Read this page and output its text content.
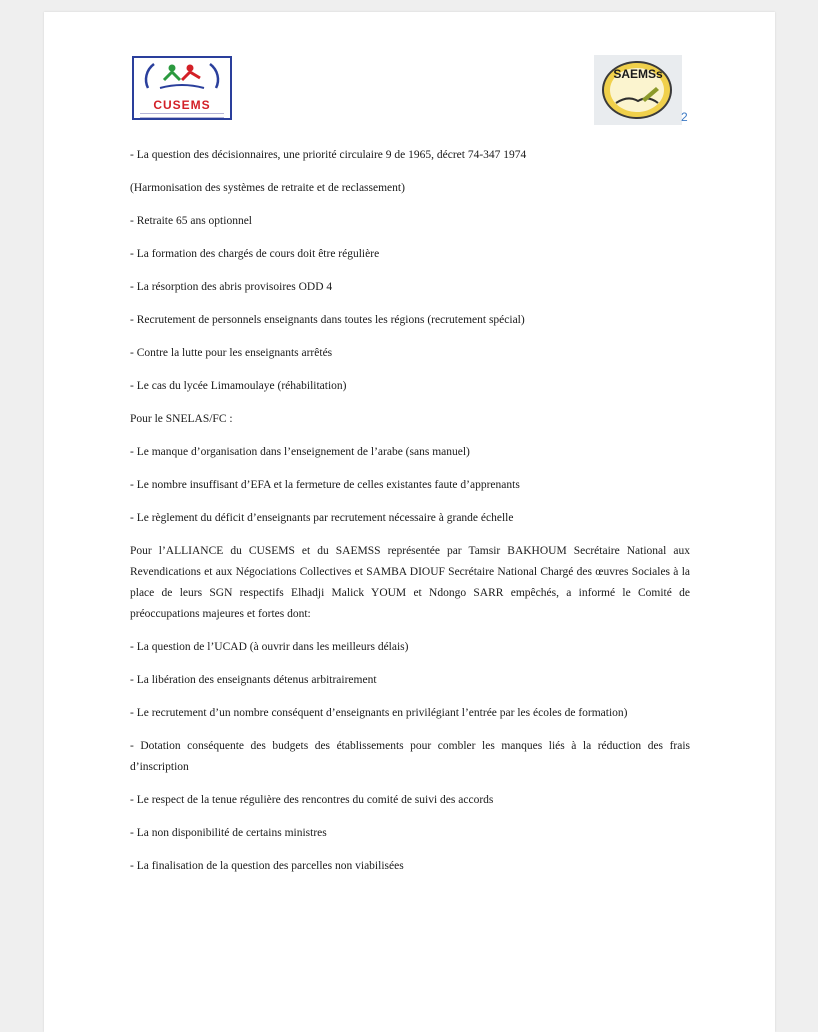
CUSEMS
SAEMSs
2

- La question des décisionnaires, une priorité circulaire 9 de 1965, décret 74-347 1974

(Harmonisation des systèmes de retraite et de reclassement)

- Retraite 65 ans optionnel

- La formation des chargés de cours doit être régulière

- La résorption des abris provisoires ODD 4

- Recrutement de personnels enseignants dans toutes les régions (recrutement spécial)

- Contre la lutte pour les enseignants arrêtés

- Le cas du lycée Limamoulaye (réhabilitation)

Pour le SNELAS/FC :

- Le manque d’organisation dans l’enseignement de l’arabe (sans manuel)

- Le nombre insuffisant d’EFA et la fermeture de celles existantes faute d’apprenants

- Le règlement du déficit d’enseignants par recrutement nécessaire à grande échelle

Pour l’ALLIANCE du CUSEMS et du SAEMSS représentée par Tamsir BAKHOUM Secrétaire National aux Revendications et aux Négociations Collectives et SAMBA DIOUF Secrétaire National Chargé des œuvres Sociales à la place de leurs SGN respectifs Elhadji Malick YOUM et Ndongo SARR empêchés, a informé le Comité de préoccupations majeures et fortes dont:

- La question de l’UCAD (à ouvrir dans les meilleurs délais)

- La libération des enseignants détenus arbitrairement

- Le recrutement d’un nombre conséquent d’enseignants en privilégiant l’entrée par les écoles de formation)

- Dotation conséquente des budgets des établissements pour combler les manques liés à la réduction des frais d’inscription

- Le respect de la tenue régulière des rencontres du comité de suivi des accords

- La non disponibilité de certains ministres

- La finalisation de la question des parcelles non viabilisées
